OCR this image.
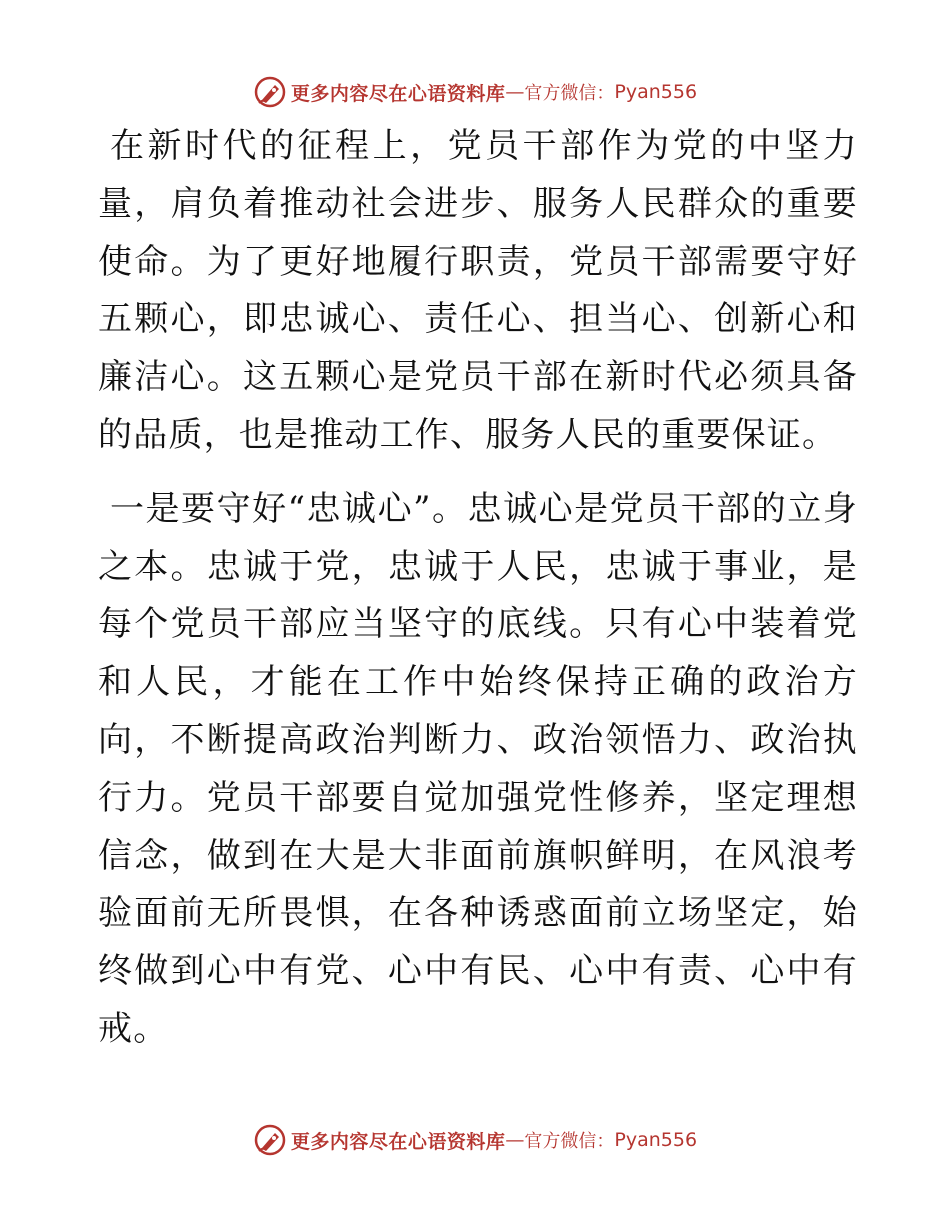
更多内容尽在心语资料库 — 官方微信： Pyan556

在新时代的征程上，党员干部作为党的中坚力量，肩负着推动社会进步、服务人民群众的重要使命。为了更好地履行职责，党员干部需要守好五颗心，即忠诚心、责任心、担当心、创新心和廉洁心。这五颗心是党员干部在新时代必须具备的品质，也是推动工作、服务人民的重要保证。

一是要守好“忠诚心”。忠诚心是党员干部的立身之本。忠诚于党，忠诚于人民，忠诚于事业，是每个党员干部应当坚守的底线。只有心中装着党和人民，才能在工作中始终保持正确的政治方向，不断提高政治判断力、政治领悟力、政治执行力。党员干部要自觉加强党性修养，坚定理想信念，做到在大是大非面前旗帜鲜明，在风浪考验面前无所畏惧，在各种诱惑面前立场坚定，始终做到心中有党、心中有民、心中有责、心中有戒。

更多内容尽在心语资料库 — 官方微信： Pyan556
